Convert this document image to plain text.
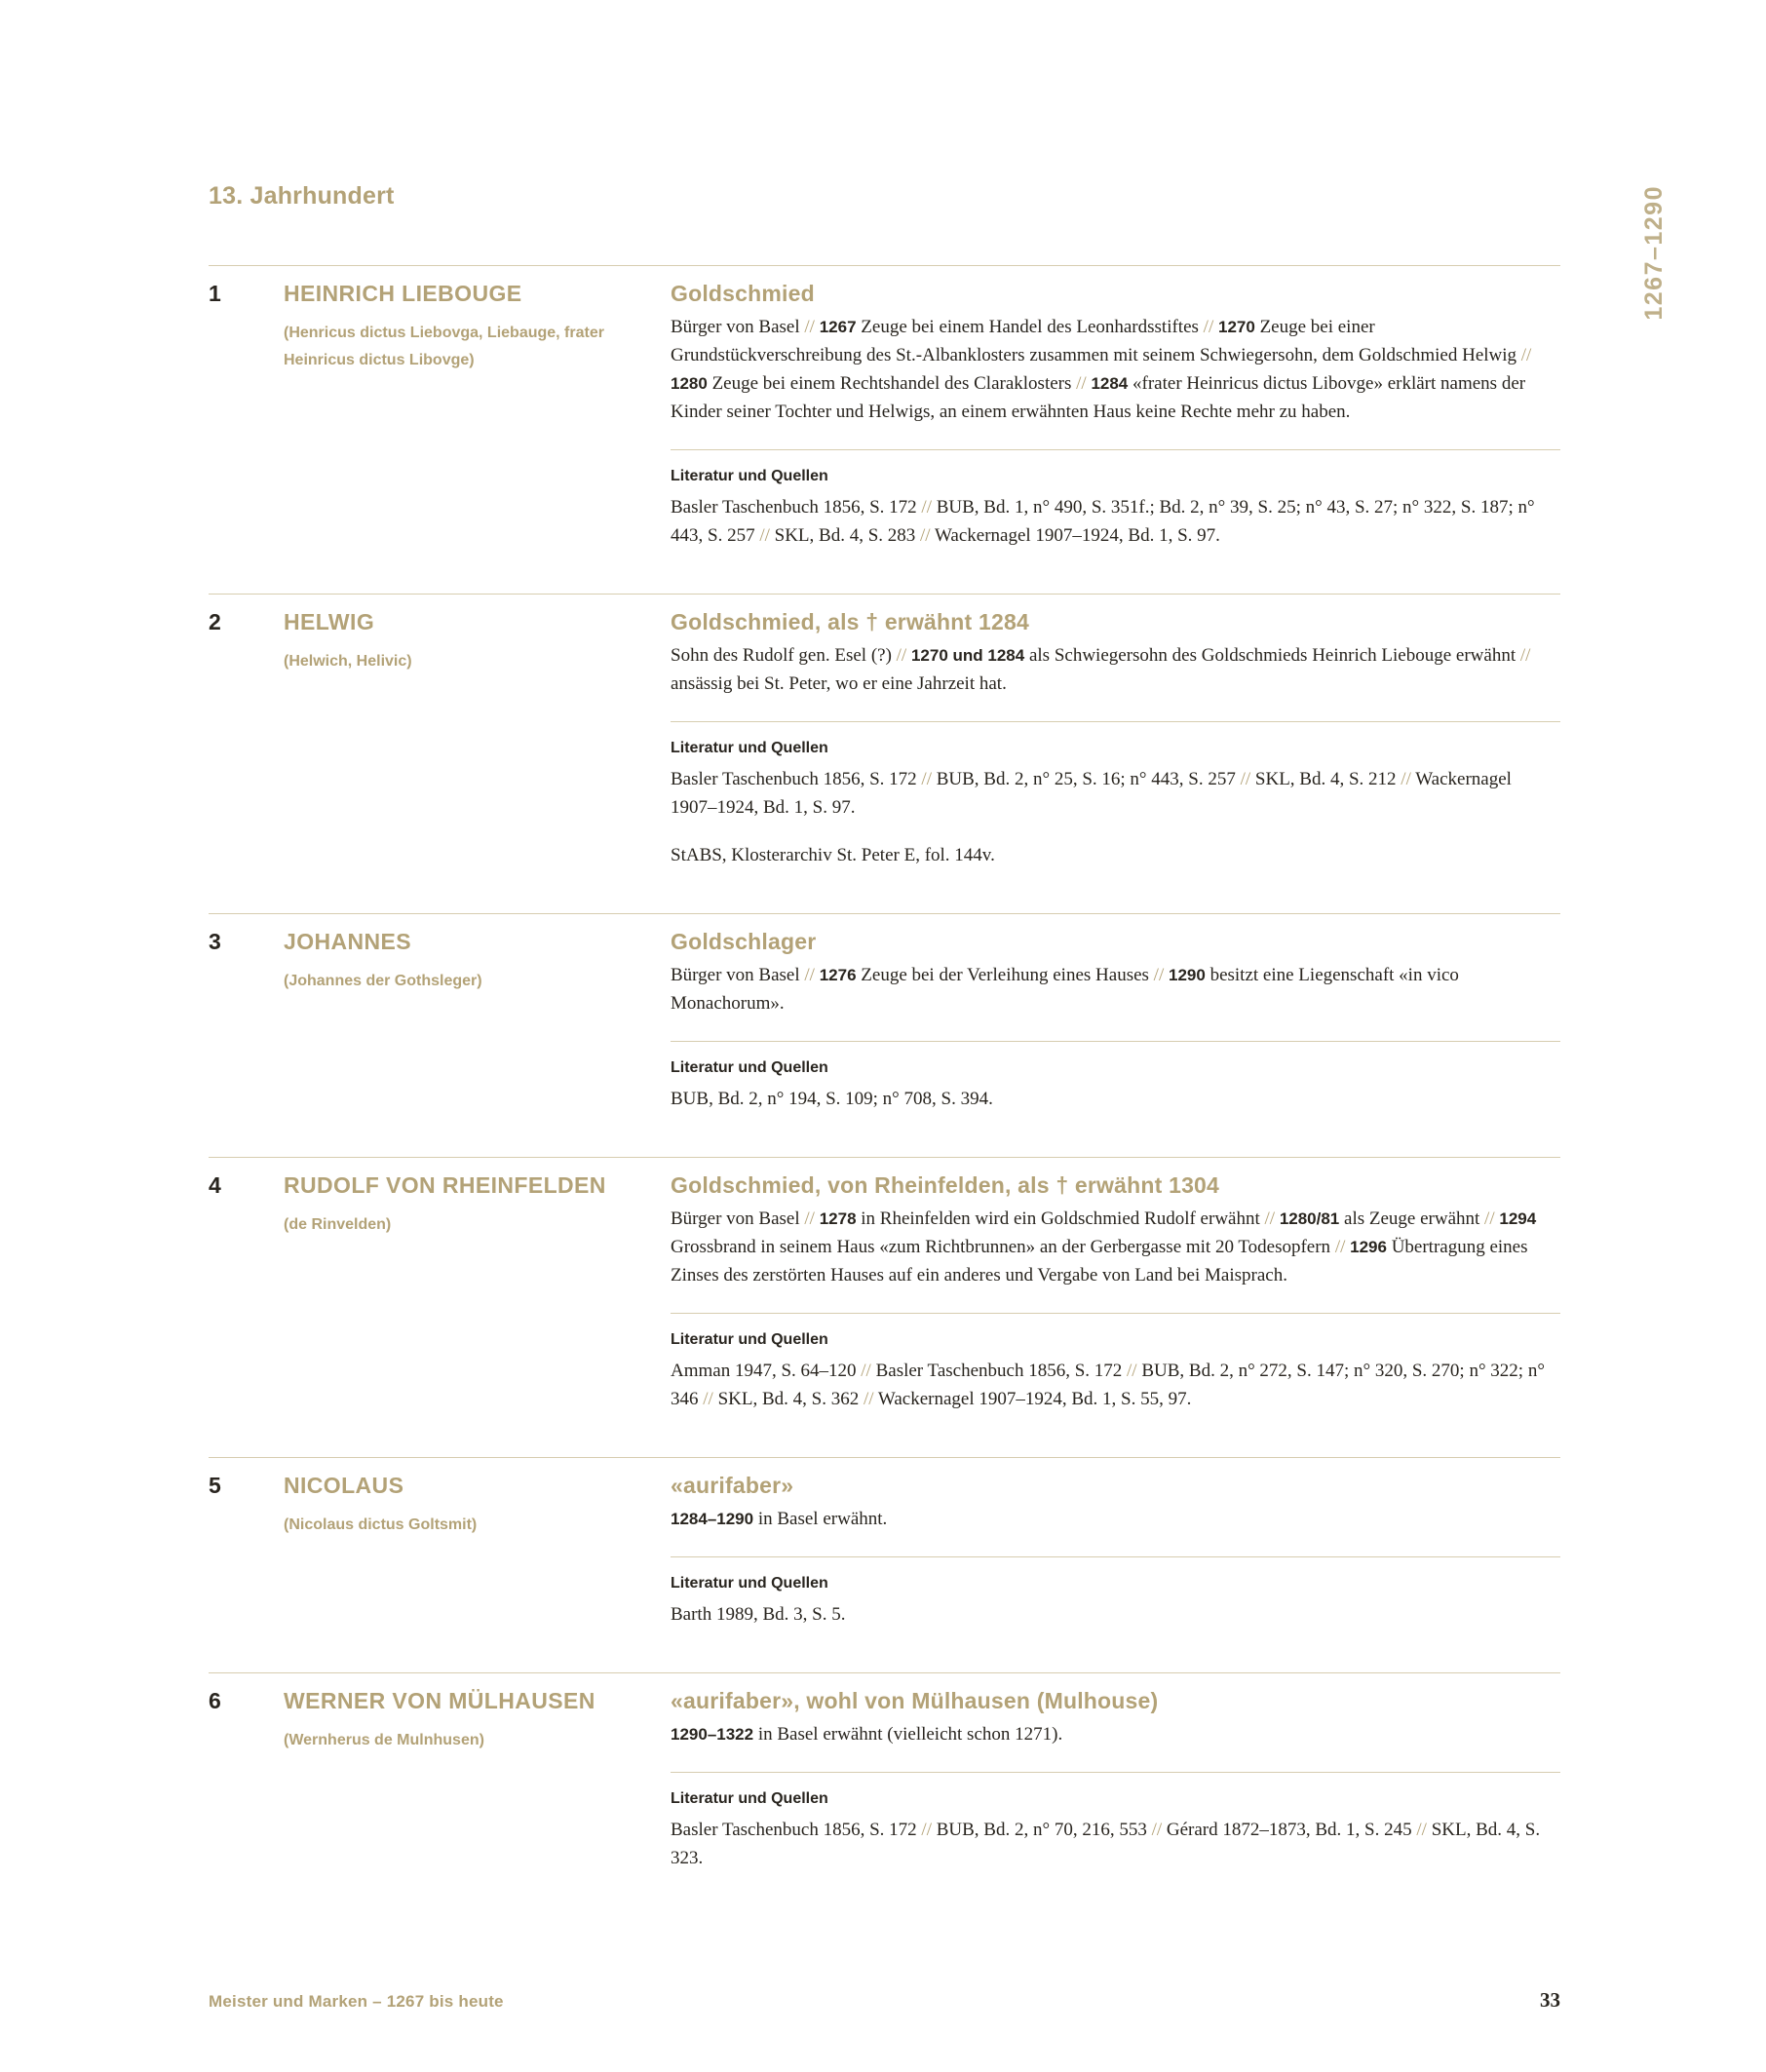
1267–1290
13. Jahrhundert
1	HEINRICH LIEBOUGE
(Henricus dictus Liebovga, Liebauge, frater Heinricus dictus Libovge)
Goldschmied
Bürger von Basel // 1267 Zeuge bei einem Handel des Leonhardsstiftes // 1270 Zeuge bei einer Grundstückverschreibung des St.-Albanklosters zusammen mit seinem Schwiegersohn, dem Goldschmied Helwig // 1280 Zeuge bei einem Rechtshandel des Claraklosters // 1284 «frater Heinricus dictus Libovge» erklärt namens der Kinder seiner Tochter und Helwigs, an einem erwähnten Haus keine Rechte mehr zu haben.
Literatur und Quellen
Basler Taschenbuch 1856, S. 172 // BUB, Bd. 1, n° 490, S. 351f.; Bd. 2, n° 39, S. 25; n° 43, S. 27; n° 322, S. 187; n° 443, S. 257 // SKL, Bd. 4, S. 283 // Wackernagel 1907–1924, Bd. 1, S. 97.
2	HELWIG
(Helwich, Helivic)
Goldschmied, als † erwähnt 1284
Sohn des Rudolf gen. Esel (?) // 1270 und 1284 als Schwiegersohn des Goldschmieds Heinrich Liebouge erwähnt // ansässig bei St. Peter, wo er eine Jahrzeit hat.
Literatur und Quellen
Basler Taschenbuch 1856, S. 172 // BUB, Bd. 2, n° 25, S. 16; n° 443, S. 257 // SKL, Bd. 4, S. 212 // Wackernagel 1907–1924, Bd. 1, S. 97.
StABS, Klosterarchiv St. Peter E, fol. 144v.
3	JOHANNES
(Johannes der Gothsleger)
Goldschlager
Bürger von Basel // 1276 Zeuge bei der Verleihung eines Hauses // 1290 besitzt eine Liegenschaft «in vico Monachorum».
Literatur und Quellen
BUB, Bd. 2, n° 194, S. 109; n° 708, S. 394.
4	RUDOLF VON RHEINFELDEN
(de Rinvelden)
Goldschmied, von Rheinfelden, als † erwähnt 1304
Bürger von Basel // 1278 in Rheinfelden wird ein Goldschmied Rudolf erwähnt // 1280/81 als Zeuge erwähnt // 1294 Grossbrand in seinem Haus «zum Richtbrunnen» an der Gerbergasse mit 20 Todesopfern // 1296 Übertragung eines Zinses des zerstörten Hauses auf ein anderes und Vergabe von Land bei Maisprach.
Literatur und Quellen
Amman 1947, S. 64–120 // Basler Taschenbuch 1856, S. 172 // BUB, Bd. 2, n° 272, S. 147; n° 320, S. 270; n° 322; n° 346 // SKL, Bd. 4, S. 362 // Wackernagel 1907–1924, Bd. 1, S. 55, 97.
5	NICOLAUS
(Nicolaus dictus Goltsmit)
«aurifaber»
1284–1290 in Basel erwähnt.
Literatur und Quellen
Barth 1989, Bd. 3, S. 5.
6	WERNER VON MÜLHAUSEN
(Wernherus de Mulnhusen)
«aurifaber», wohl von Mülhausen (Mulhouse)
1290–1322 in Basel erwähnt (vielleicht schon 1271).
Literatur und Quellen
Basler Taschenbuch 1856, S. 172 // BUB, Bd. 2, n° 70, 216, 553 // Gérard 1872–1873, Bd. 1, S. 245 // SKL, Bd. 4, S. 323.
Meister und Marken – 1267 bis heute	33
